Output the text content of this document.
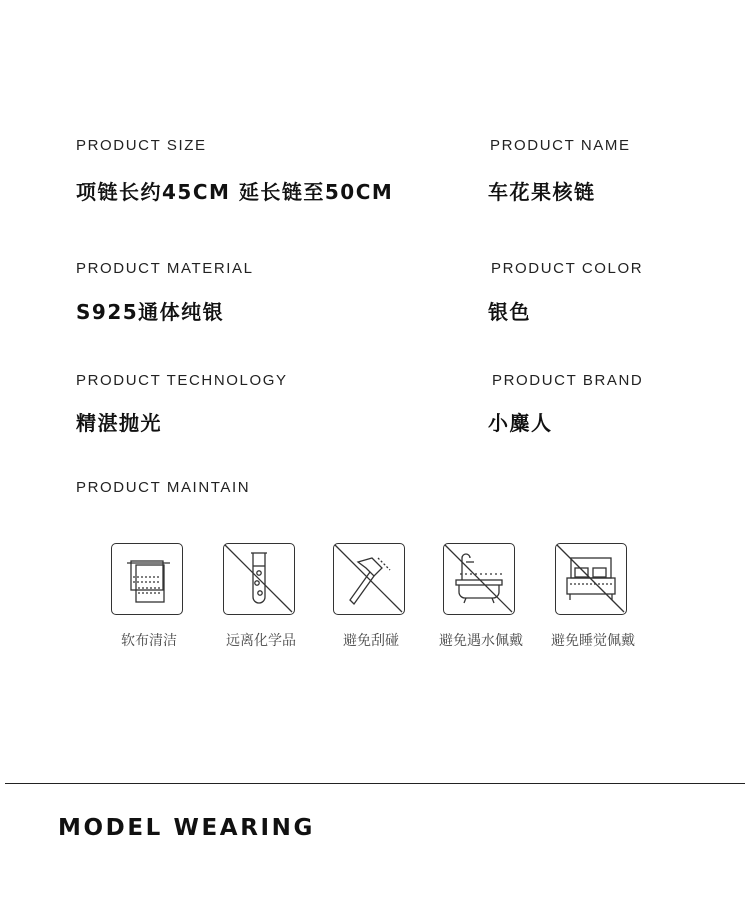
PRODUCT SIZE
项链长约45CM 延长链至50CM
PRODUCT NAME
车花果核链
PRODUCT MATERIAL
S925通体纯银
PRODUCT COLOR
银色
PRODUCT TECHNOLOGY
精湛抛光
PRODUCT BRAND
小麋人
PRODUCT MAINTAIN
软布清洁	远离化学品	避免刮碰	避免遇水佩戴	避免睡觉佩戴
MODEL WEARING
